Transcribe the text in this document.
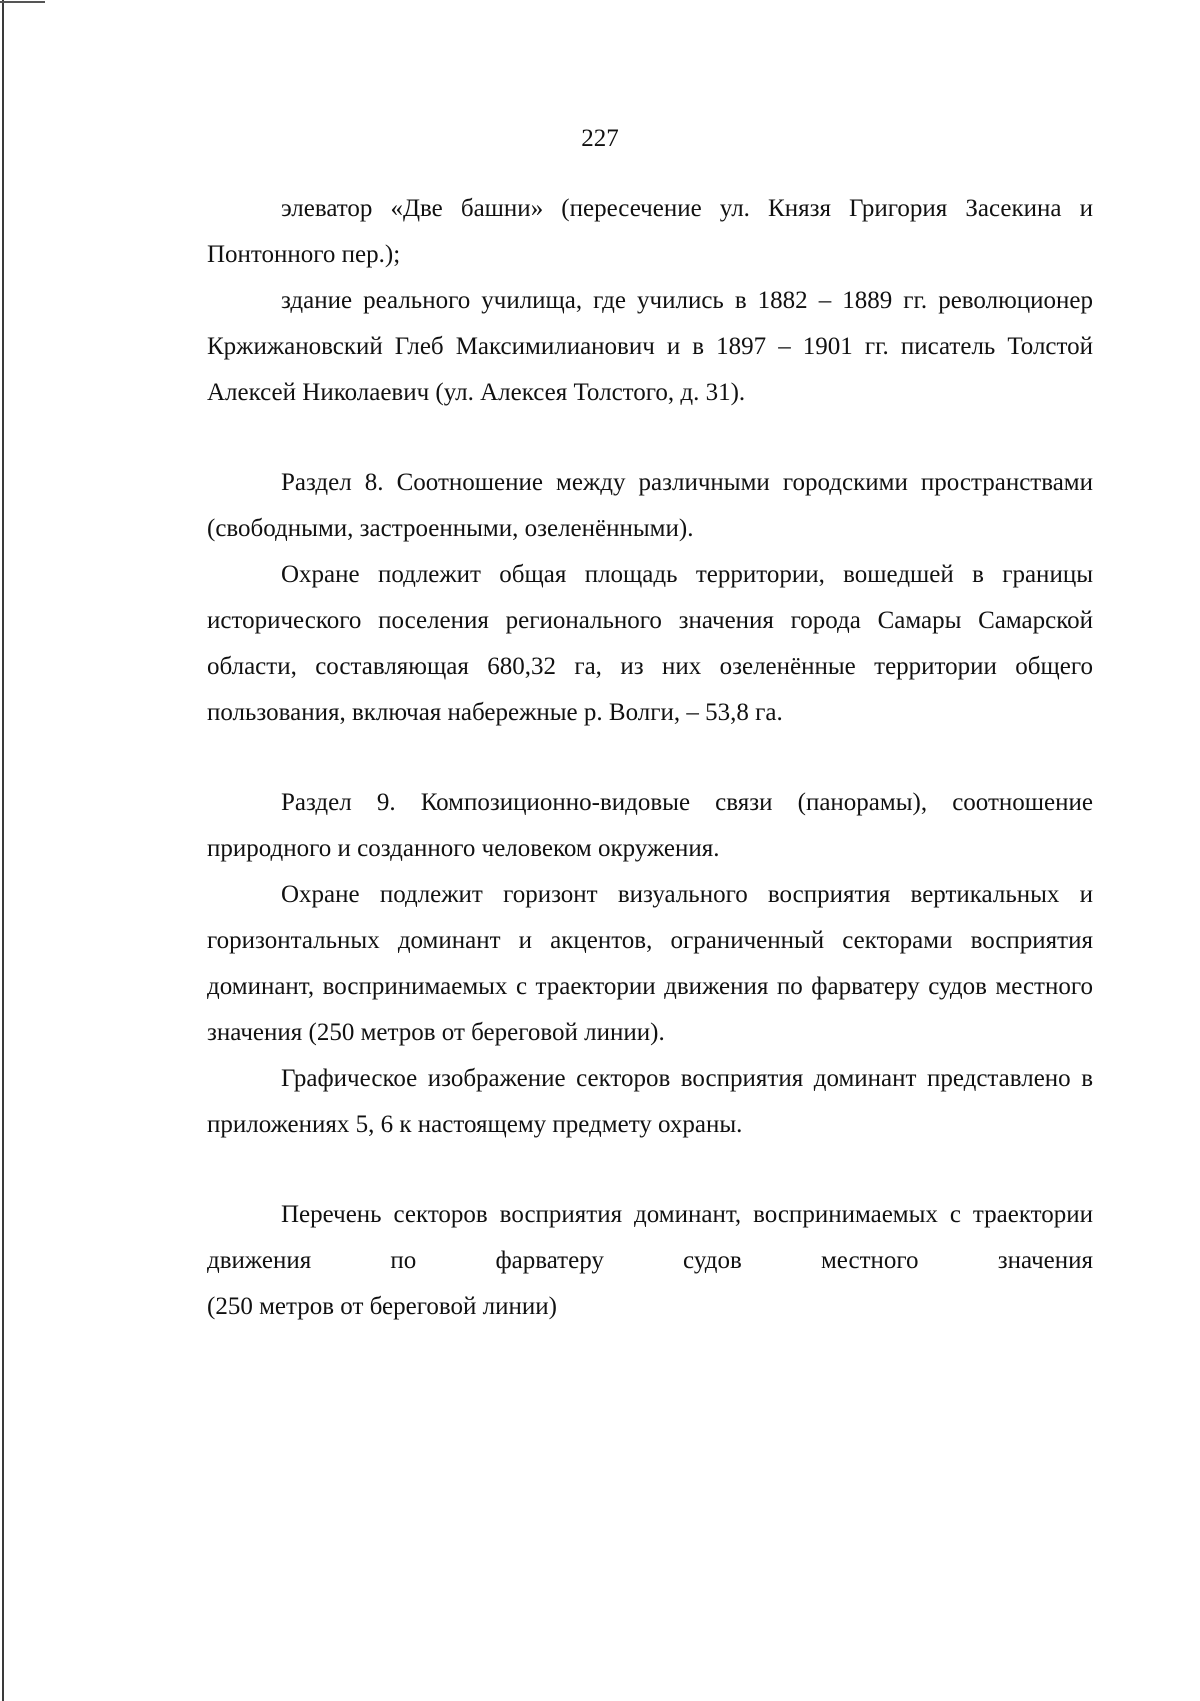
227

элеватор «Две башни» (пересечение ул. Князя Григория Засекина и Понтонного пер.);

здание реального училища, где учились в 1882 – 1889 гг. революционер Кржижановский Глеб Максимилианович и в 1897 – 1901 гг. писатель Толстой Алексей Николаевич (ул. Алексея Толстого, д. 31).

Раздел 8. Соотношение между различными городскими пространствами (свободными, застроенными, озеленёнными).

Охране подлежит общая площадь территории, вошедшей в границы исторического поселения регионального значения города Самары Самарской области, составляющая 680,32 га, из них озеленённые территории общего пользования, включая набережные р. Волги, – 53,8 га.

Раздел 9. Композиционно-видовые связи (панорамы), соотношение природного и созданного человеком окружения.

Охране подлежит горизонт визуального восприятия вертикальных и горизонтальных доминант и акцентов, ограниченный секторами восприятия доминант, воспринимаемых с траектории движения по фарватеру судов местного значения (250 метров от береговой линии).

Графическое изображение секторов восприятия доминант представлено в приложениях 5, 6 к настоящему предмету охраны.

Перечень секторов восприятия доминант, воспринимаемых с траектории движения по фарватеру судов местного значения

(250 метров от береговой линии)
